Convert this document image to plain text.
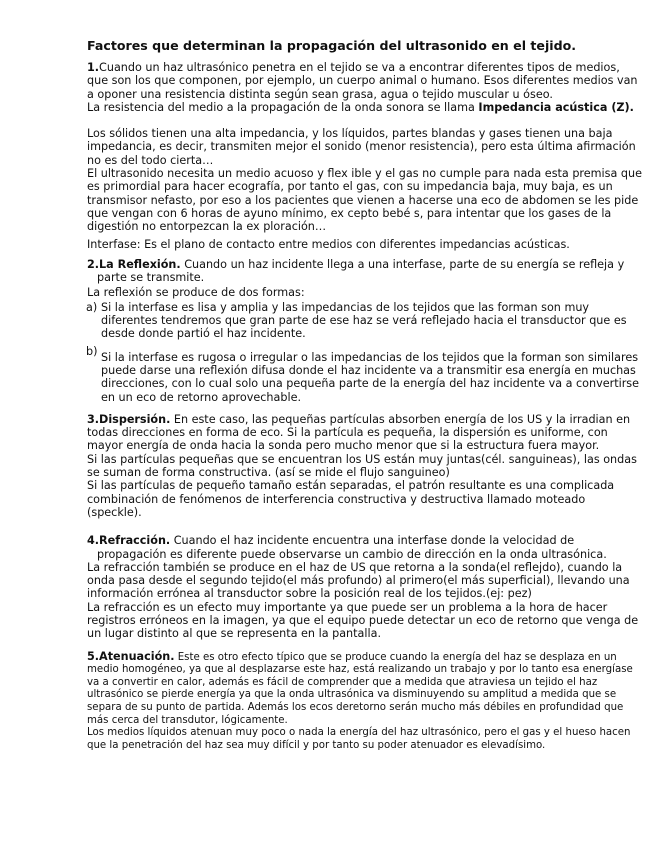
Factores que determinan la propagación del ultrasonido en el tejido.

1.Cuando un haz ultrasónico penetra en el tejido se va a encontrar diferentes tipos de medios, que son los que componen, por ejemplo, un cuerpo animal o humano. Esos diferentes medios van a oponer una resistencia distinta según sean grasa, agua o tejido muscular u óseo.

La resistencia del medio a la propagación de la onda sonora se llama Impedancia acústica (Z).

Los sólidos tienen una alta impedancia, y los líquidos, partes blandas y gases tienen una baja impedancia, es decir, transmiten mejor el sonido (menor resistencia), pero esta última afirmación no es del todo cierta…

El ultrasonido necesita un medio acuoso y flex ible y el gas no cumple para nada esta premisa que es primordial para hacer ecografía, por tanto el gas, con su impedancia baja, muy baja, es un transmisor nefasto, por eso a los pacientes que vienen a hacerse una eco de abdomen se les pide que vengan con 6 horas de ayuno mínimo, ex cepto bebé s, para intentar que los gases de la digestión no entorpezcan la ex ploración…

Interfase: Es el plano de contacto entre medios con diferentes impedancias acústicas.

2.La Reflexión. Cuando un haz incidente llega a una interfase, parte de su energía se refleja y parte se transmite.

La reflexión se produce de dos formas:

a) Si la interfase es lisa y amplia y las impedancias de los tejidos que las forman son muy diferentes tendremos que gran parte de ese haz se verá reflejado hacia el transductor que es desde donde partió el haz incidente.

b) Si la interfase es rugosa o irregular o las impedancias de los tejidos que la forman son similares puede darse una reflexión difusa donde el haz incidente va a transmitir esa energía en muchas direcciones, con lo cual solo una pequeña parte de la energía del haz incidente va a convertirse en un eco de retorno aprovechable.

3.Dispersión. En este caso, las pequeñas partículas absorben energía de los US y la irradian en todas direcciones en forma de eco. Si la partícula es pequeña, la dispersión es uniforme, con mayor energía de onda hacia la sonda pero mucho menor que si la estructura fuera mayor.

Si las partículas pequeñas que se encuentran los US están muy juntas(cél. sanguineas), las ondas se suman de forma constructiva. (así se mide el flujo sanguineo)

Si las partículas de pequeño tamaño están separadas, el patrón resultante es una complicada combinación de fenómenos de interferencia constructiva y destructiva llamado moteado (speckle).

4.Refracción. Cuando el haz incidente encuentra una interfase donde la velocidad de propagación es diferente puede observarse un cambio de dirección en la onda ultrasónica.

La refracción también se produce en el haz de US que retorna a la sonda(el reflejdo), cuando la onda pasa desde el segundo tejido(el más profundo) al primero(el más superficial), llevando una información errónea al transductor sobre la posición real de los tejidos.(ej: pez)

La refracción es un efecto muy importante ya que puede ser un problema a la hora de hacer registros erróneos en la imagen, ya que el equipo puede detectar un eco de retorno que venga de un lugar distinto al que se representa en la pantalla.

5.Atenuación. Este es otro efecto típico que se produce cuando la energía del haz se desplaza en un medio homogéneo, ya que al desplazarse este haz, está realizando un trabajo y por lo tanto esa energíase va a convertir en calor, además es fácil de comprender que a medida que atraviesa un tejido el haz ultrasónico se pierde energía ya que la onda ultrasónica va disminuyendo su amplitud a medida que se separa de su punto de partida. Además los ecos deretorno serán mucho más débiles en profundidad que más cerca del transdutor, lógicamente.

Los medios líquidos atenuan muy poco o nada la energía del haz ultrasónico, pero el gas y el hueso hacen que la penetración del haz sea muy difícil y por tanto su poder atenuador es elevadísimo.
